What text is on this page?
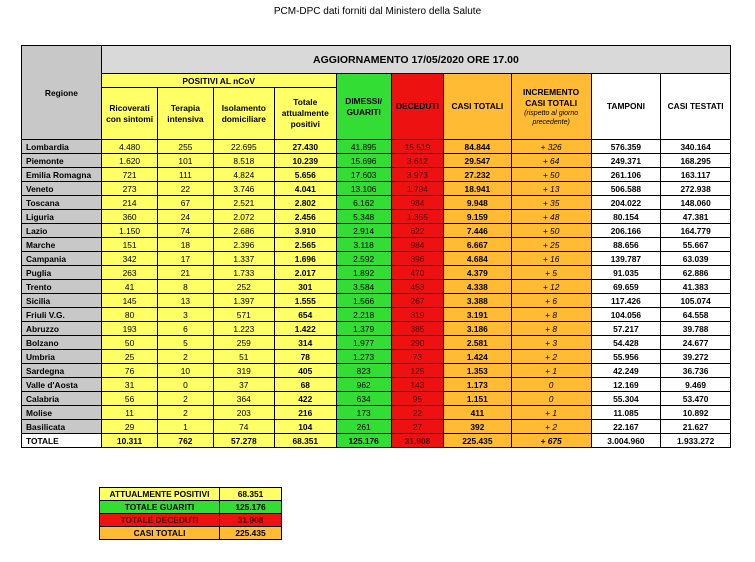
PCM-DPC dati forniti dal Ministero della Salute
Regione	AGGIORNAMENTO 17/05/2020 ORE 17.00									
	POSITIVI AL nCoV				DIMESSI/ GUARITI	DECEDUTI	CASI TOTALI	INCREMENTO CASI TOTALI
(rispetto al giorno precedente)	TAMPONI	CASI TESTATI
	Ricoverati con sintomi	Terapia intensiva	Isolamento domiciliare	Totale attualmente positivi						
Lombardia	4.480	255	22.695	27.430	41.895	15.519	84.844	+ 326	576.359	340.164
Piemonte	1.620	101	8.518	10.239	15.696	3.612	29.547	+ 64	249.371	168.295
Emilia Romagna	721	111	4.824	5.656	17.603	3.973	27.232	+ 50	261.106	163.117
Veneto	273	22	3.746	4.041	13.106	1.794	18.941	+ 13	506.588	272.938
Toscana	214	67	2.521	2.802	6.162	984	9.948	+ 35	204.022	148.060
Liguria	360	24	2.072	2.456	5.348	1.355	9.159	+ 48	80.154	47.381
Lazio	1.150	74	2.686	3.910	2.914	622	7.446	+ 50	206.166	164.779
Marche	151	18	2.396	2.565	3.118	984	6.667	+ 25	88.656	55.667
Campania	342	17	1.337	1.696	2.592	396	4.684	+ 16	139.787	63.039
Puglia	263	21	1.733	2.017	1.892	470	4.379	+ 5	91.035	62.886
Trento	41	8	252	301	3.584	453	4.338	+ 12	69.659	41.383
Sicilia	145	13	1.397	1.555	1.566	267	3.388	+ 6	117.426	105.074
Friuli V.G.	80	3	571	654	2.218	319	3.191	+ 8	104.056	64.558
Abruzzo	193	6	1.223	1.422	1.379	385	3.186	+ 8	57.217	39.788
Bolzano	50	5	259	314	1.977	290	2.581	+ 3	54.428	24.677
Umbria	25	2	51	78	1.273	73	1.424	+ 2	55.956	39.272
Sardegna	76	10	319	405	823	125	1.353	+ 1	42.249	36.736
Valle d'Aosta	31	0	37	68	962	143	1.173	0	12.169	9.469
Calabria	56	2	364	422	634	95	1.151	0	55.304	53.470
Molise	11	2	203	216	173	22	411	+ 1	11.085	10.892
Basilicata	29	1	74	104	261	27	392	+ 2	22.167	21.627
TOTALE	10.311	762	57.278	68.351	125.176	31.908	225.435	+ 675	3.004.960	1.933.272
ATTUALMENTE POSITIVI	68.351
TOTALE GUARITI	125.176
TOTALE DECEDUTI	31.908
CASI TOTALI	225.435
